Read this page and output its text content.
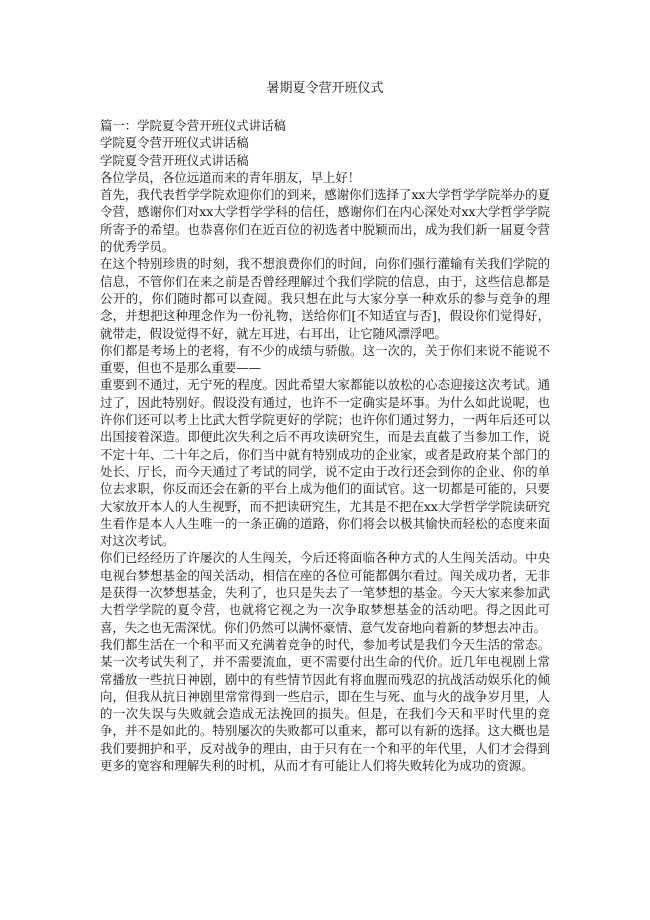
暑期夏令营开班仪式

篇一：学院夏令营开班仪式讲话稿

学院夏令营开班仪式讲话稿

学院夏令营开班仪式讲话稿

各位学员，各位远道而来的青年朋友，早上好！

首先，我代表哲学学院欢迎你们的到来，感谢你们选择了xx大学哲学学院举办的夏令营，感谢你们对xx大学哲学学科的信任，感谢你们在内心深处对xx大学哲学学院所寄予的希望。也恭喜你们在近百位的初选者中脱颖而出，成为我们新一届夏令营的优秀学员。

在这个特别珍贵的时刻，我不想浪费你们的时间，向你们强行灌输有关我们学院的信息，不管你们在来之前是否曾经理解过个我们学院的信息，由于，这些信息都是公开的，你们随时都可以查阅。我只想在此与大家分享一种欢乐的参与竞争的理念，并想把这种理念作为一份礼物，送给你们[不知适宜与否]，假设你们觉得好，就带走，假设觉得不好，就左耳进，右耳出，让它随风漂浮吧。

你们都是考场上的老将，有不少的成绩与骄傲。这一次的，关于你们来说不能说不重要，但也不是那么重要——

重要到不通过，无宁死的程度。因此希望大家都能以放松的心态迎接这次考试。通过了，因此特别好。假设没有通过，也许不一定确实是坏事。为什么如此说呢，也许你们还可以考上比武大哲学院更好的学院；也许你们通过努力，一两年后还可以出国接着深造。即便此次失利之后不再攻读研究生，而是去直截了当参加工作，说不定十年、二十年之后，你们当中就有特别成功的企业家，或者是政府某个部门的处长、厅长，而今天通过了考试的同学，说不定由于改行还会到你的企业、你的单位去求职，你反而还会在新的平台上成为他们的面试官。这一切都是可能的，只要大家放开本人的人生视野，而不把读研究生，尤其是不把在xx大学哲学学院读研究生看作是本人人生唯一的一条正确的道路，你们将会以极其愉快而轻松的态度来面对这次考试。

你们已经经历了许屡次的人生闯关，今后还将面临各种方式的人生闯关活动。中央电视台梦想基金的闯关活动，相信在座的各位可能都偶尔看过。闯关成功者，无非是获得一次梦想基金，失利了，也只是失去了一笔梦想的基金。今天大家来参加武大哲学学院的夏令营，也就将它视之为一次争取梦想基金的活动吧。得之因此可喜，失之也无需深忧。你们仍然可以满怀豪情、意气发奋地向着新的梦想去冲击。

我们都生活在一个和平而又充满着竞争的时代，参加考试是我们今天生活的常态。某一次考试失利了，并不需要流血，更不需要付出生命的代价。近几年电视剧上常常播放一些抗日神剧，剧中的有些情节因此有将血腥而残忍的抗战活动娱乐化的倾向，但我从抗日神剧里常常得到一些启示，即在生与死、血与火的战争岁月里，人的一次失误与失败就会造成无法挽回的损失。但是，在我们今天和平时代里的竞争，并不是如此的。特别屡次的失败都可以重来，都可以有新的选择。这大概也是我们要拥护和平，反对战争的理由，由于只有在一个和平的年代里，人们才会得到更多的宽容和理解失利的时机，从而才有可能让人们将失败转化为成功的资源。
